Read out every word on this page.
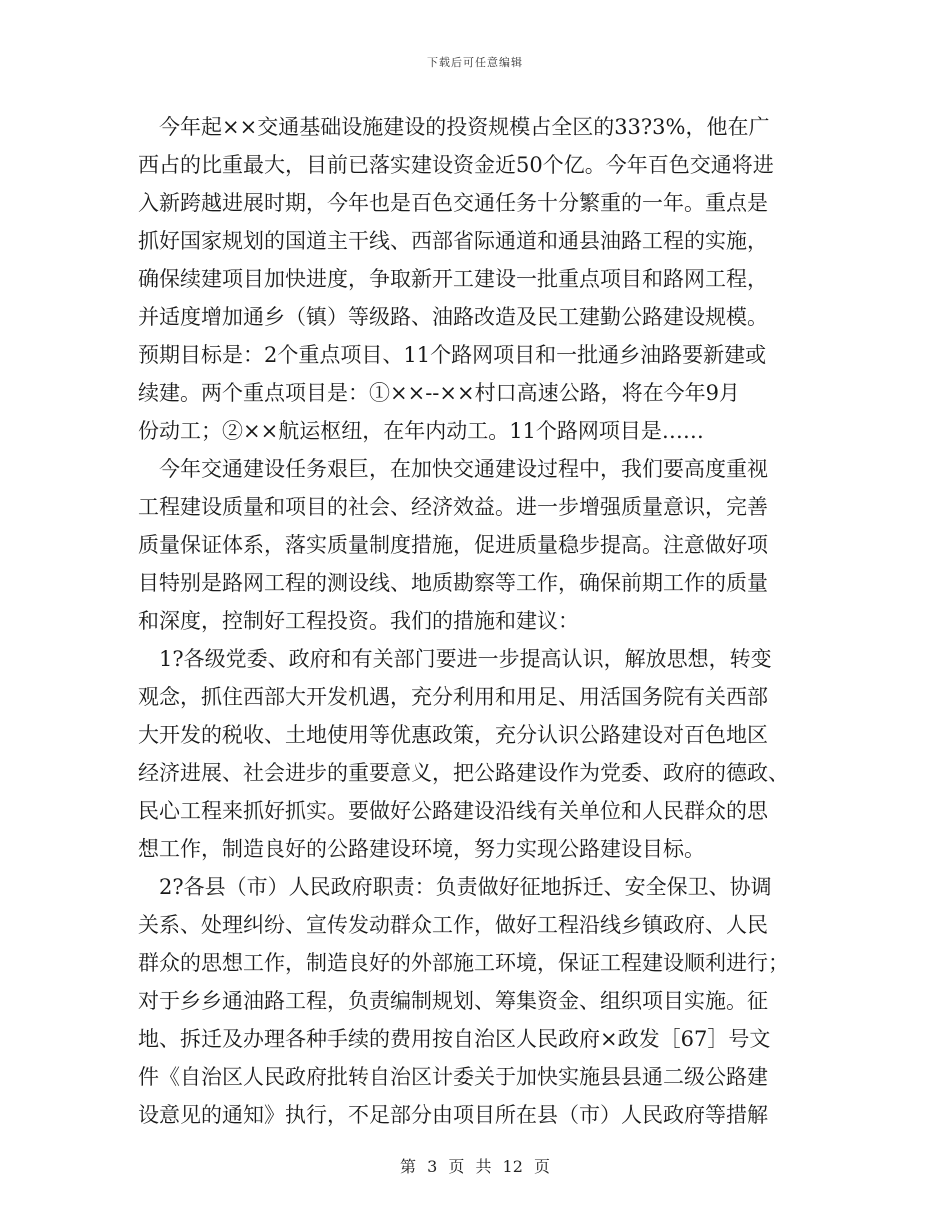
下载后可任意编辑
　今年起××交通基础设施建设的投资规模占全区的33?3%，他在广
西占的比重最大，目前已落实建设资金近50个亿。今年百色交通将进
入新跨越进展时期，今年也是百色交通任务十分繁重的一年。重点是
抓好国家规划的国道主干线、西部省际通道和通县油路工程的实施，
确保续建项目加快进度，争取新开工建设一批重点项目和路网工程，
并适度增加通乡（镇）等级路、油路改造及民工建勤公路建设规模。
预期目标是：2个重点项目、11个路网项目和一批通乡油路要新建或
续建。两个重点项目是：①××--××村口高速公路，将在今年9月
份动工；②××航运枢纽，在年内动工。11个路网项目是……
　今年交通建设任务艰巨，在加快交通建设过程中，我们要高度重视
工程建设质量和项目的社会、经济效益。进一步增强质量意识，完善
质量保证体系，落实质量制度措施，促进质量稳步提高。注意做好项
目特别是路网工程的测设线、地质勘察等工作，确保前期工作的质量
和深度，控制好工程投资。我们的措施和建议：
　1?各级党委、政府和有关部门要进一步提高认识，解放思想，转变
观念，抓住西部大开发机遇，充分利用和用足、用活国务院有关西部
大开发的税收、土地使用等优惠政策，充分认识公路建设对百色地区
经济进展、社会进步的重要意义，把公路建设作为党委、政府的德政、
民心工程来抓好抓实。要做好公路建设沿线有关单位和人民群众的思
想工作，制造良好的公路建设环境，努力实现公路建设目标。
　2?各县（市）人民政府职责：负责做好征地拆迁、安全保卫、协调
关系、处理纠纷、宣传发动群众工作，做好工程沿线乡镇政府、人民
群众的思想工作，制造良好的外部施工环境，保证工程建设顺利进行；
对于乡乡通油路工程，负责编制规划、筹集资金、组织项目实施。征
地、拆迁及办理各种手续的费用按自治区人民政府×政发［67］号文
件《自治区人民政府批转自治区计委关于加快实施县县通二级公路建
设意见的通知》执行，不足部分由项目所在县（市）人民政府等措解
第 3 页 共 12 页
